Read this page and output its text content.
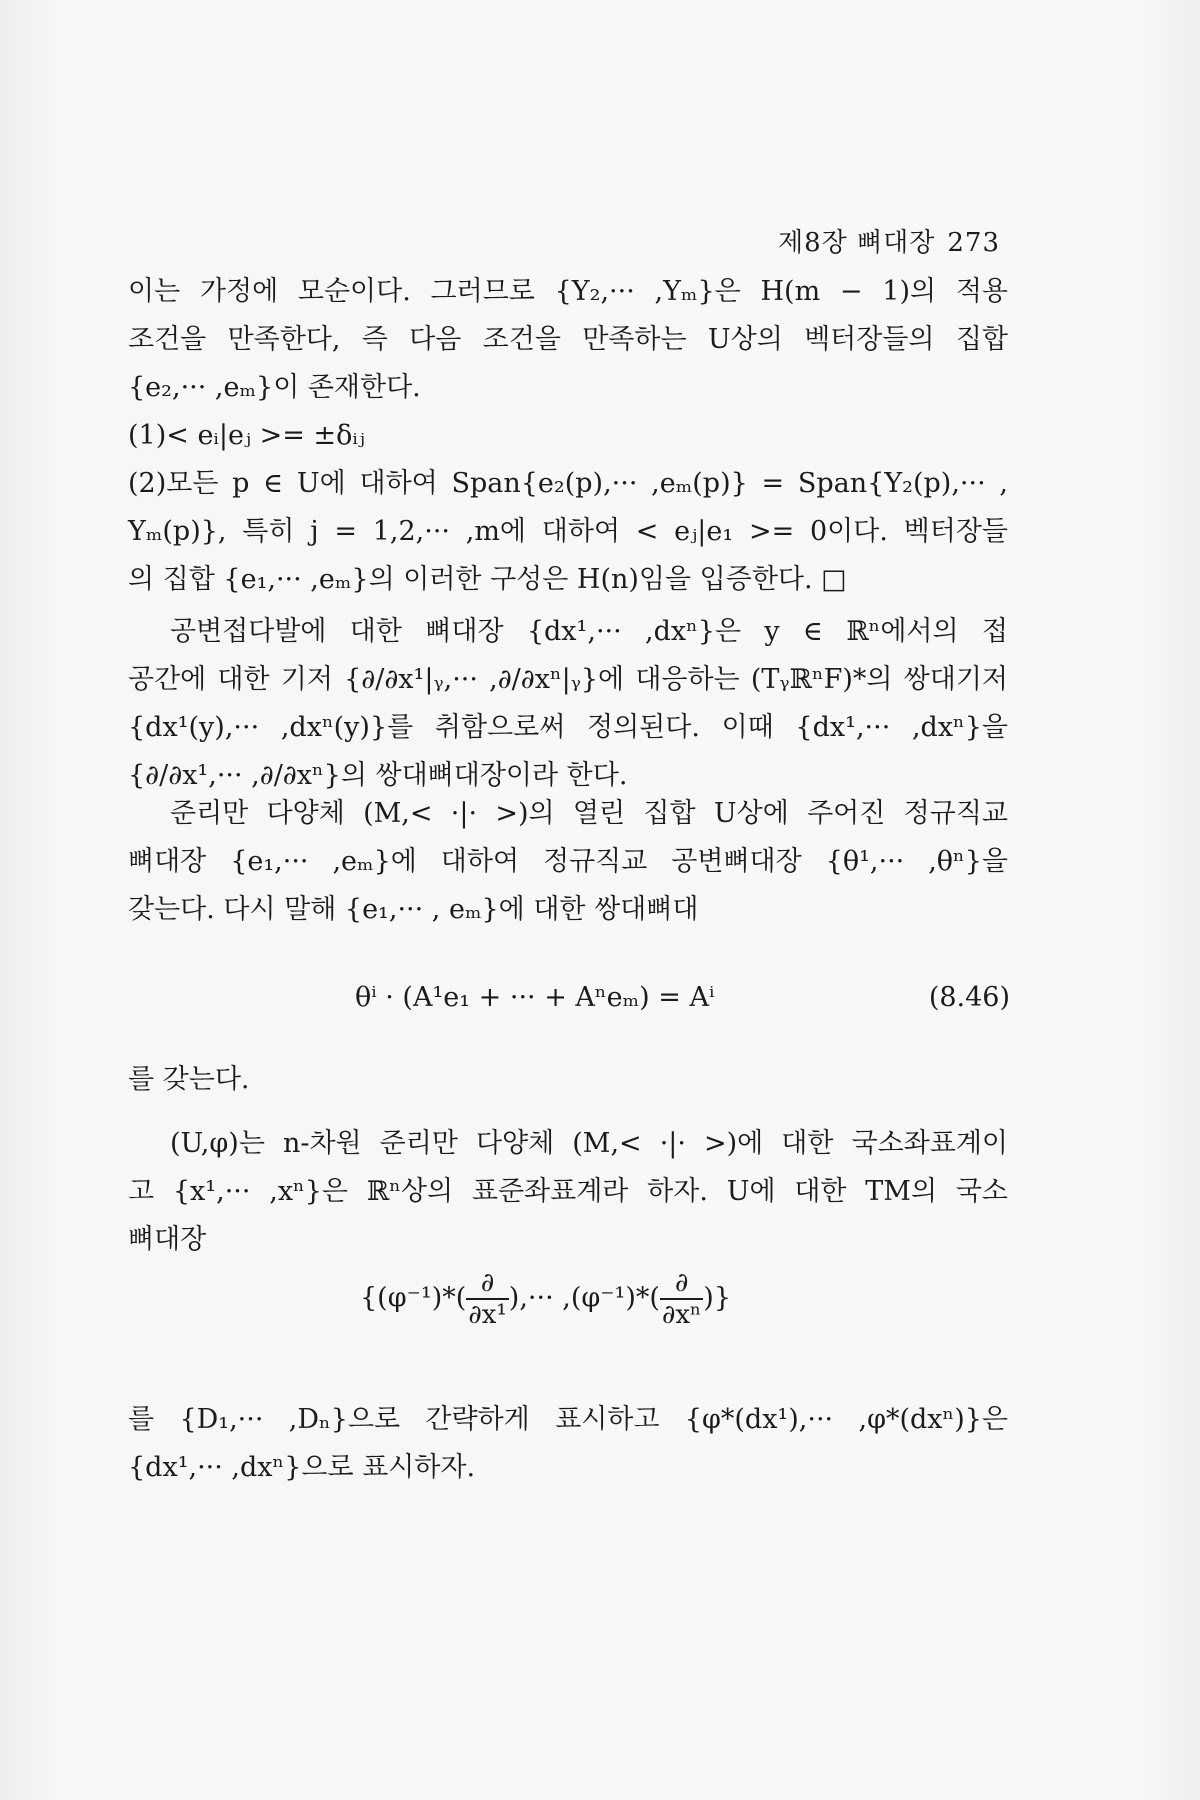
제8장 뼈대장 273
이는 가정에 모순이다. 그러므로 {Y₂,··· ,Yₘ}은 H(m − 1)의 적용
조건을 만족한다, 즉 다음 조건을 만족하는 U상의 벡터장들의 집합
{e₂,··· ,eₘ}이 존재한다.
(1)< eᵢ|eⱼ >= ±δᵢⱼ
(2)모든 p ∈ U에 대하여 Span{e₂(p),··· ,eₘ(p)} = Span{Y₂(p),··· ,
Yₘ(p)}, 특히 j = 1,2,··· ,m에 대하여 < eⱼ|e₁ >= 0이다. 벡터장들
의 집합 {e₁,··· ,eₘ}의 이러한 구성은 H(n)임을 입증한다. □
공변접다발에 대한 뼈대장 {dx¹,··· ,dxⁿ}은 y ∈ ℝⁿ에서의 접
공간에 대한 기저 {∂/∂x¹|ᵧ,··· ,∂/∂xⁿ|ᵧ}에 대응하는 (TᵧℝⁿF)*의 쌍대기저
{dx¹(y),··· ,dxⁿ(y)}를 취함으로써 정의된다. 이때 {dx¹,··· ,dxⁿ}을
{∂/∂x¹,··· ,∂/∂xⁿ}의 쌍대뼈대장이라 한다.
준리만 다양체 (M,< ·|· >)의 열린 집합 U상에 주어진 정규직교
뼈대장 {e₁,··· ,eₘ}에 대하여 정규직교 공변뼈대장 {θ¹,··· ,θⁿ}을
갖는다. 다시 말해 {e₁,··· , eₘ}에 대한 쌍대뼈대
θⁱ · (A¹e₁ + ··· + Aⁿeₘ) = Aⁱ	(8.46)
를 갖는다.
(U,φ)는 n-차원 준리만 다양체 (M,< ·|· >)에 대한 국소좌표계이
고 {x¹,··· ,xⁿ}은 ℝⁿ상의 표준좌표계라 하자. U에 대한 TM의 국소
뼈대장
{$(\varphi^{-1})*( \frac{\partial}{\text{∂x¹}}$ ),··· $,(\varphi^{-1})*( \frac{\partial}{\text{∂xⁿ}}$ )}
를 {D₁,··· ,Dₙ}으로 간략하게 표시하고 {φ*(dx¹),··· ,φ*(dxⁿ)}은
{dx¹,··· ,dxⁿ}으로 표시하자.
